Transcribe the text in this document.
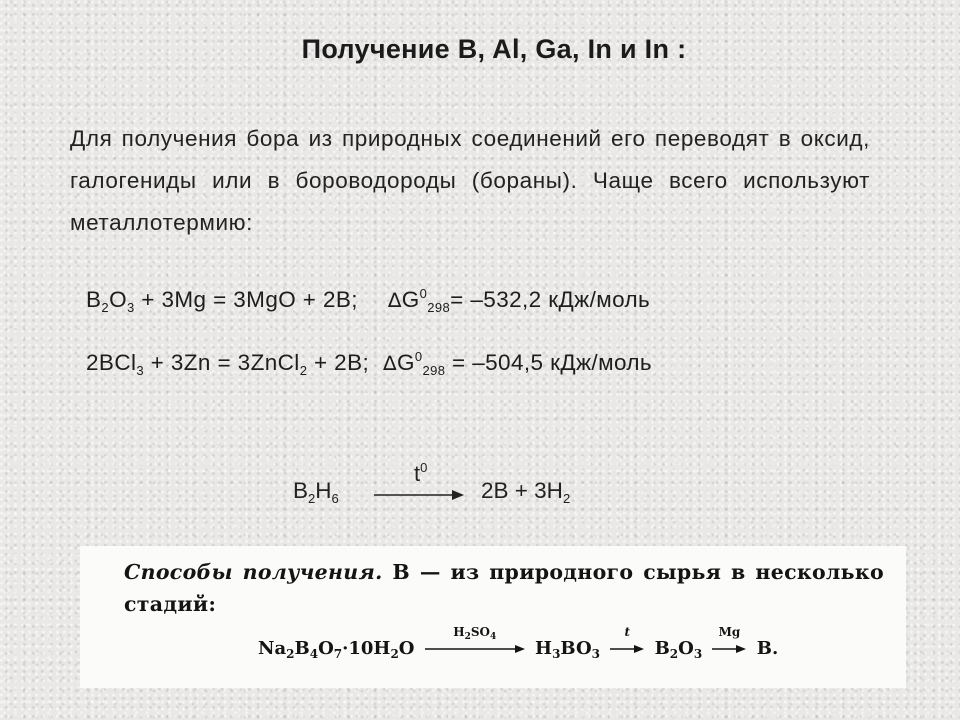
Получение B, Al, Ga, In и In :
Для получения бора из природных соединений его переводят в оксид, галогениды или в бороводороды (бораны). Чаще всего используют металлотермию:
$B_2O_3 + 3Mg = 3MgO + 2B$; $\Delta G^0_{298}= -532,2$ кДж/моль
2BCl$_3$ + 3Zn = 3ZnCl$_2$ + 2B; $\Delta G^0_{298} = -504,5$ кДж/моль
$B_2H_6$
$t^0$
$2B + 3H_2$
Способы получения. B — из природного сырья в несколько стадий:
$Na_2B_4O_7\cdot 10H_2O$
$H_2SO_4$
$H_3BO_3$
t
$B_2O_3$
Mg
B.
